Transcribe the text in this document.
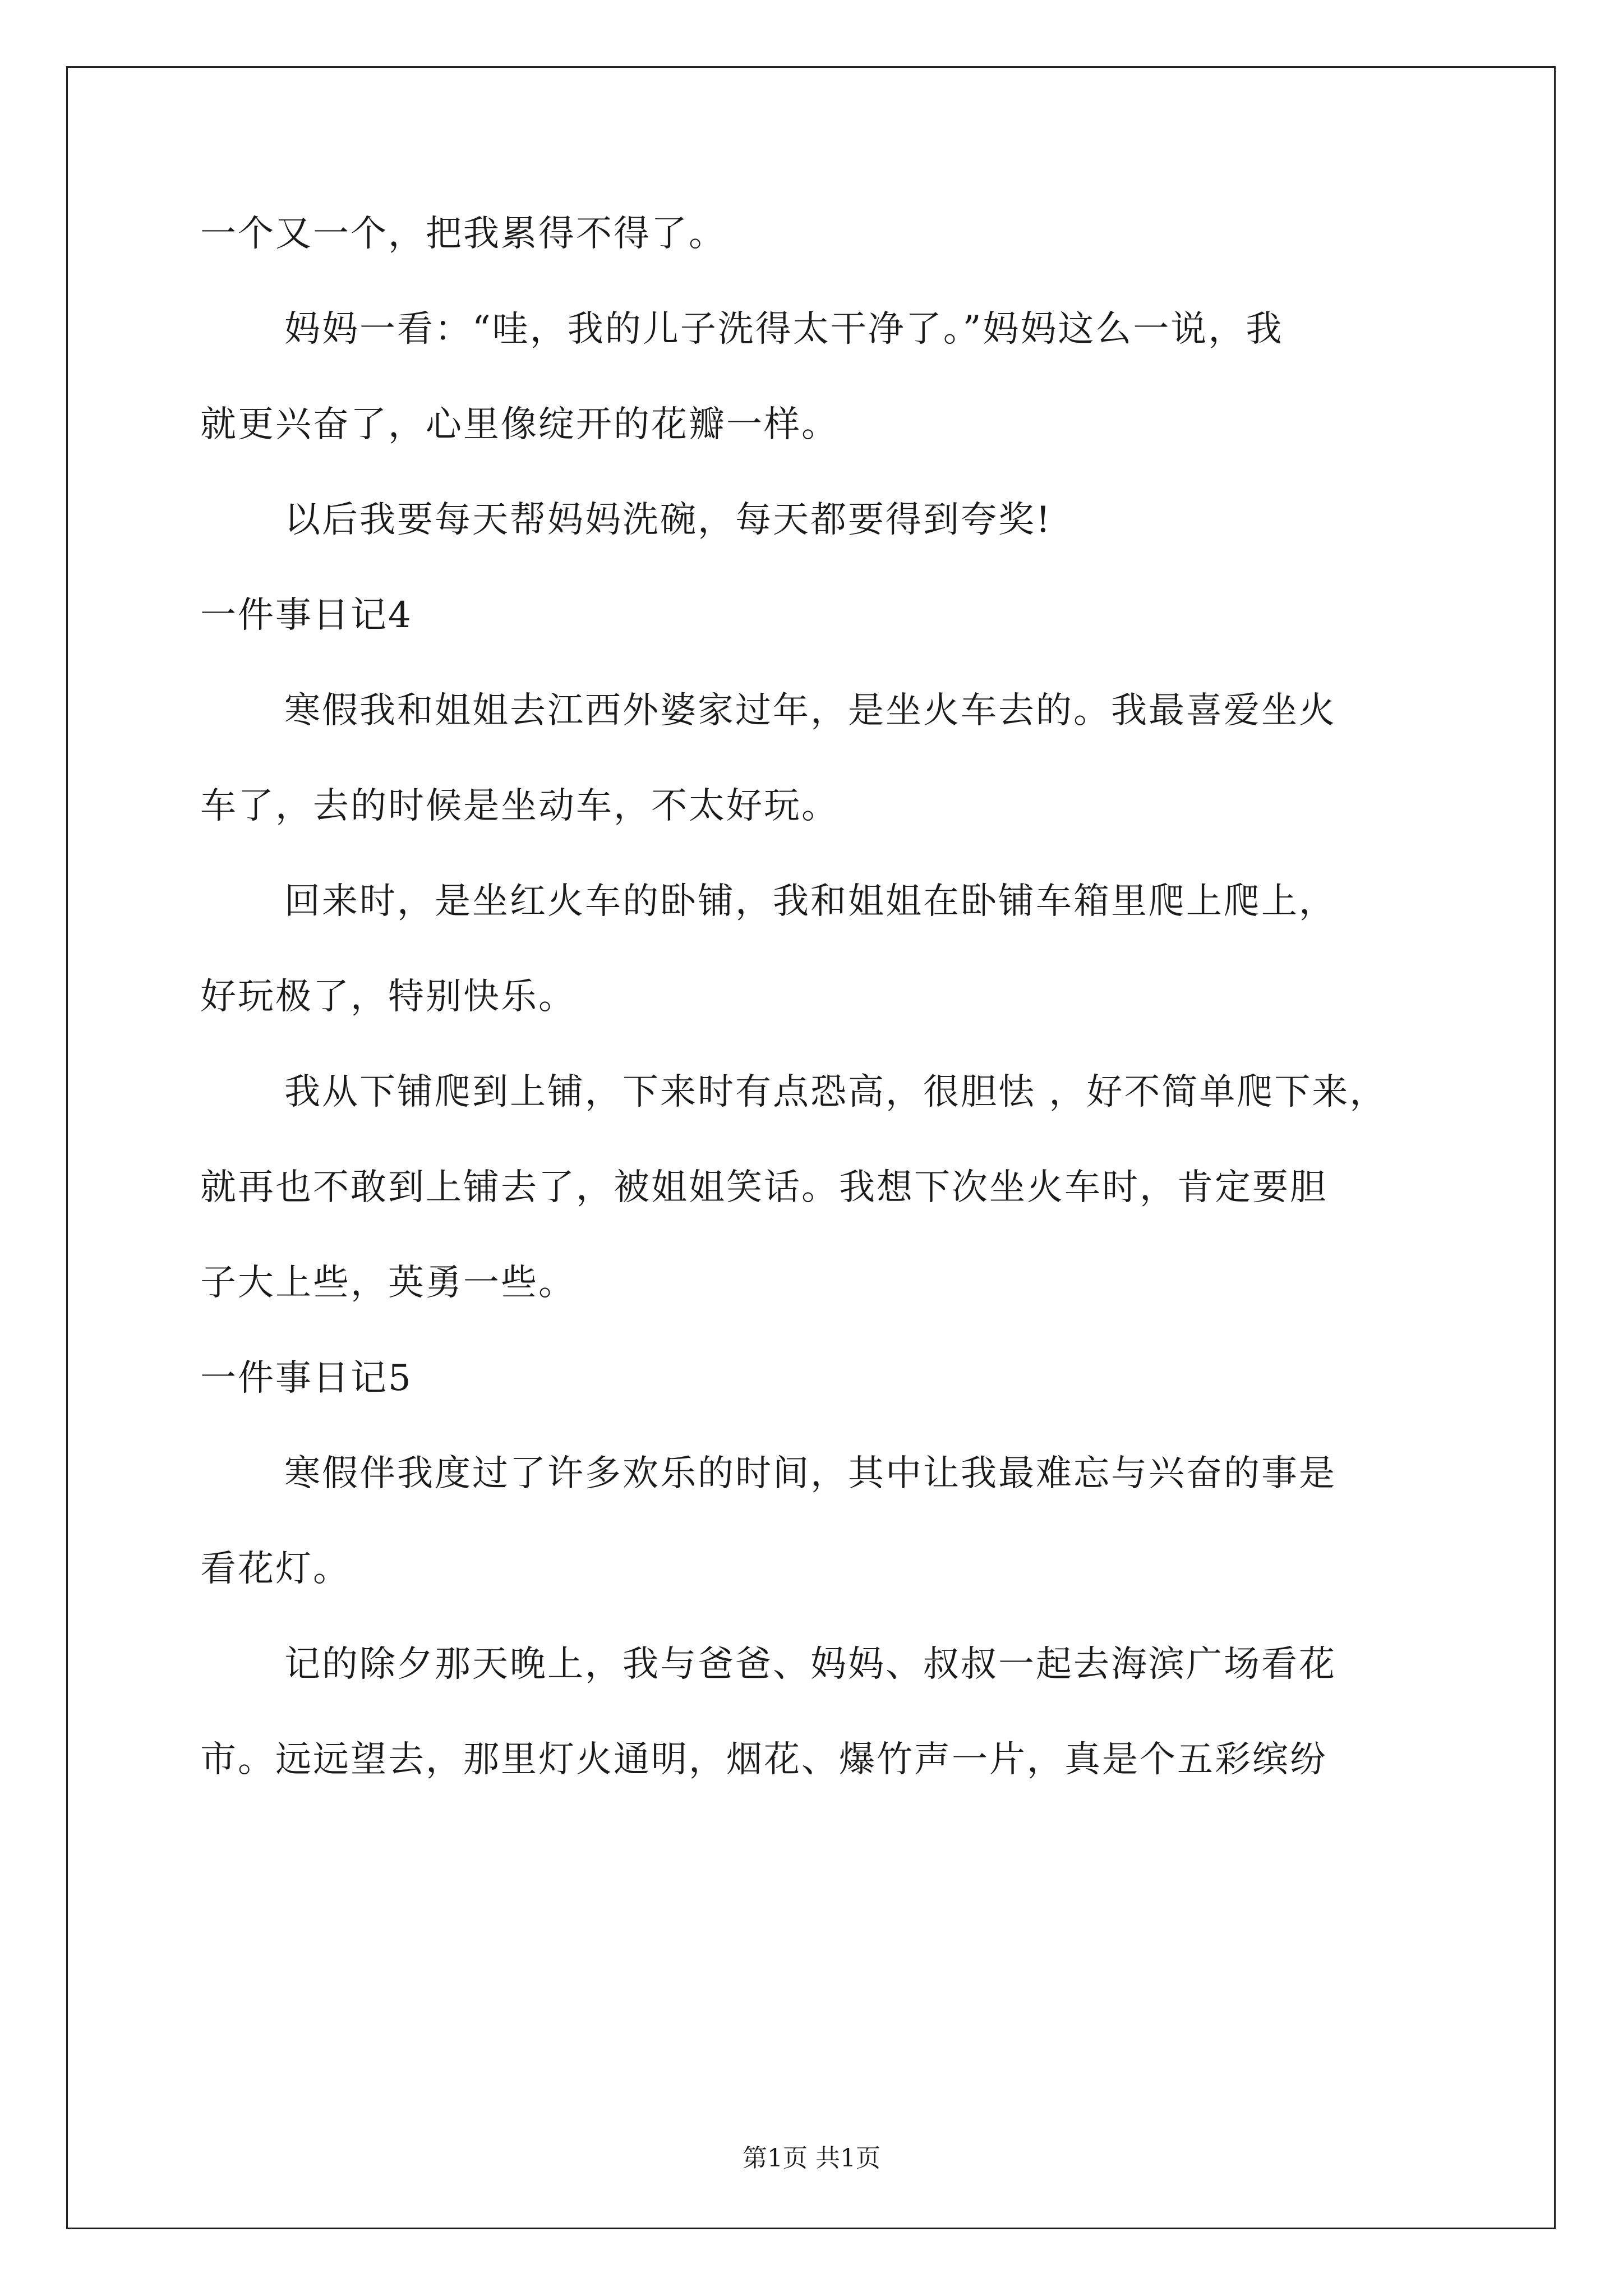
一个又一个，把我累得不得了。
妈妈一看：“哇，我的儿子洗得太干净了。”妈妈这么一说，我
就更兴奋了，心里像绽开的花瓣一样。
以后我要每天帮妈妈洗碗，每天都要得到夸奖!
一件事日记4
寒假我和姐姐去江西外婆家过年，是坐火车去的。我最喜爱坐火
车了，去的时候是坐动车，不太好玩。
回来时，是坐红火车的卧铺，我和姐姐在卧铺车箱里爬上爬上，
好玩极了，特别快乐。
我从下铺爬到上铺，下来时有点恐高，很胆怯 ，好不简单爬下来，
就再也不敢到上铺去了，被姐姐笑话。我想下次坐火车时，肯定要胆
子大上些，英勇一些。
一件事日记5
寒假伴我度过了许多欢乐的时间，其中让我最难忘与兴奋的事是
看花灯。
记的除夕那天晚上，我与爸爸、妈妈、叔叔一起去海滨广场看花
市。远远望去，那里灯火通明，烟花、爆竹声一片，真是个五彩缤纷
第1页 共1页
